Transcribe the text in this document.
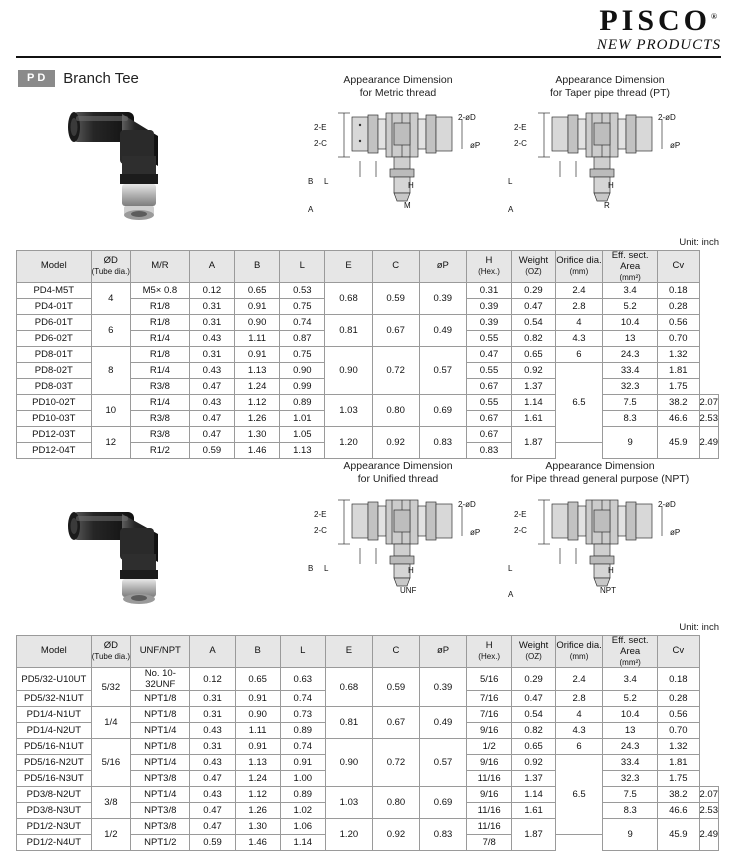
PISCO®
NEW PRODUCTS
PD	Branch Tee	Appearance Dimension
for Metric thread
Appearance Dimension
for Taper pipe thread (PT)
2-E
2-C
2-øD
øP
B L
A
H
M
2-E
2-C
2-øD
øP
L
A
H
R
Unit: inch
Model	ØD
(Tube dia.)	M/R	A	B	L	E	C	øP	H
(Hex.)	Weight
(OZ)	Orifice dia.
(mm)	Eff. sect. Area
(mm²)	Cv	
PD4-M5T	4	M5× 0.8	0.12	0.65	0.53	0.68	0.59	0.39	0.31	0.29	2.4	3.4	0.18	
PD4-01T		R1/8	0.31	0.91	0.75				0.39	0.47	2.8	5.2	0.28	
PD6-01T	6	R1/8	0.31	0.90	0.74	0.81	0.67	0.49	0.39	0.54	4	10.4	0.56	
PD6-02T		R1/4	0.43	1.11	0.87				0.55	0.82	4.3	13	0.70	
PD8-01T	8	R1/8	0.31	0.91	0.75	0.90	0.72	0.57	0.47	0.65	6	24.3	1.32	
PD8-02T		R1/4	0.43	1.13	0.90				0.55	0.92	6.5	33.4	1.81	
PD8-03T		R3/8	0.47	1.24	0.99				0.67	1.37		32.3	1.75	
PD10-02T	10	R1/4	0.43	1.12	0.89	1.03	0.80	0.69	0.55	1.14		7.5	38.2	2.07
PD10-03T		R3/8	0.47	1.26	1.01				0.67	1.61		8.3	46.6	2.53
PD12-03T	12	R3/8	0.47	1.30	1.05	1.20	0.92	0.83	0.67	1.87		9	45.9	2.49
PD12-04T		R1/2	0.59	1.46	1.13				0.83					
Appearance Dimension
for Unified thread
Appearance Dimension
for Pipe thread general purpose (NPT)
2-E
2-C
2-øD
øP
B L	H
UNF
2-E
2-C
2-øD
øP
L
A
H
NPT
Unit: inch
Model	ØD
(Tube dia.)	UNF/NPT	A	B	L	E	C	øP	H
(Hex.)	Weight
(OZ)	Orifice dia.
(mm)	Eff. sect. Area
(mm²)	Cv	
PD5/32-U10UT	5/32	No. 10-32UNF	0.12	0.65	0.63	0.68	0.59	0.39	5/16	0.29	2.4	3.4	0.18	
PD5/32-N1UT		NPT1/8	0.31	0.91	0.74				7/16	0.47	2.8	5.2	0.28	
PD1/4-N1UT	1/4	NPT1/8	0.31	0.90	0.73	0.81	0.67	0.49	7/16	0.54	4	10.4	0.56	
PD1/4-N2UT		NPT1/4	0.43	1.11	0.89				9/16	0.82	4.3	13	0.70	
PD5/16-N1UT	5/16	NPT1/8	0.31	0.91	0.74	0.90	0.72	0.57	1/2	0.65	6	24.3	1.32	
PD5/16-N2UT		NPT1/4	0.43	1.13	0.91				9/16	0.92	6.5	33.4	1.81	
PD5/16-N3UT		NPT3/8	0.47	1.24	1.00				11/16	1.37		32.3	1.75	
PD3/8-N2UT	3/8	NPT1/4	0.43	1.12	0.89	1.03	0.80	0.69	9/16	1.14		7.5	38.2	2.07
PD3/8-N3UT		NPT3/8	0.47	1.26	1.02				11/16	1.61		8.3	46.6	2.53
PD1/2-N3UT	1/2	NPT3/8	0.47	1.30	1.06	1.20	0.92	0.83	11/16	1.87		9	45.9	2.49
PD1/2-N4UT		NPT1/2	0.59	1.46	1.14				7/8					
